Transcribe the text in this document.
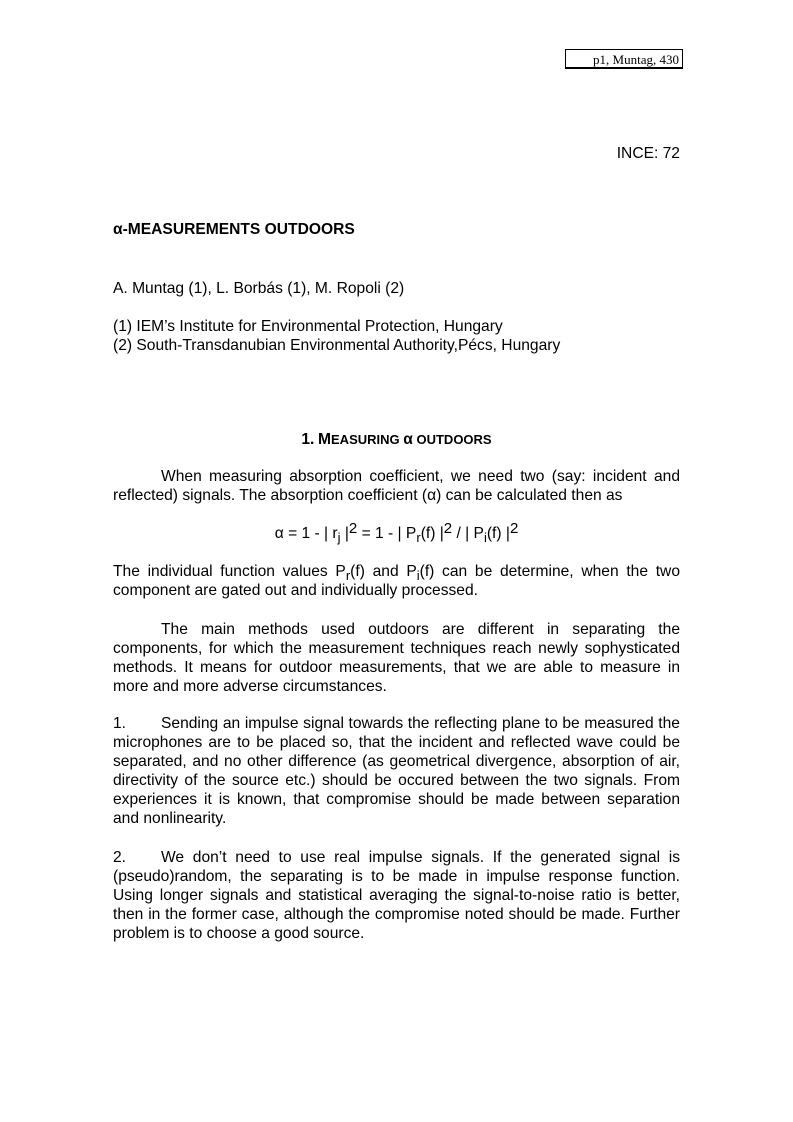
p1, Muntag, 430
INCE: 72
α-MEASUREMENTS OUTDOORS
A. Muntag (1), L. Borbás (1), M. Ropoli (2)
(1) IEM’s Institute for Environmental Protection, Hungary
(2) South-Transdanubian Environmental Authority,Pécs, Hungary
1. MEASURING α OUTDOORS

When measuring absorption coefficient, we need two (say: incident and reflected) signals. The absorption coefficient (α) can be calculated then as

α = 1 - | $r_j$ $|^2 = 1$ - | $P_r(f)$ $|^2$ / | $P_i(f)$ $|^2$

The individual function values $P_r(f)$ and $P_i(f)$ can be determine, when the two component are gated out and individually processed.

The main methods used outdoors are different in separating the components, for which the measurement techniques reach newly sophysticated methods. It means for outdoor measurements, that we are able to measure in more and more adverse circumstances.

1. Sending an impulse signal towards the reflecting plane to be measured the microphones are to be placed so, that the incident and reflected wave could be separated, and no other difference (as geometrical divergence, absorption of air, directivity of the source etc.) should be occured between the two signals. From experiences it is known, that compromise should be made between separation and nonlinearity.

2. We don’t need to use real impulse signals. If the generated signal is (pseudo)random, the separating is to be made in impulse response function. Using longer signals and statistical averaging the signal-to-noise ratio is better, then in the former case, although the compromise noted should be made. Further problem is to choose a good source.
